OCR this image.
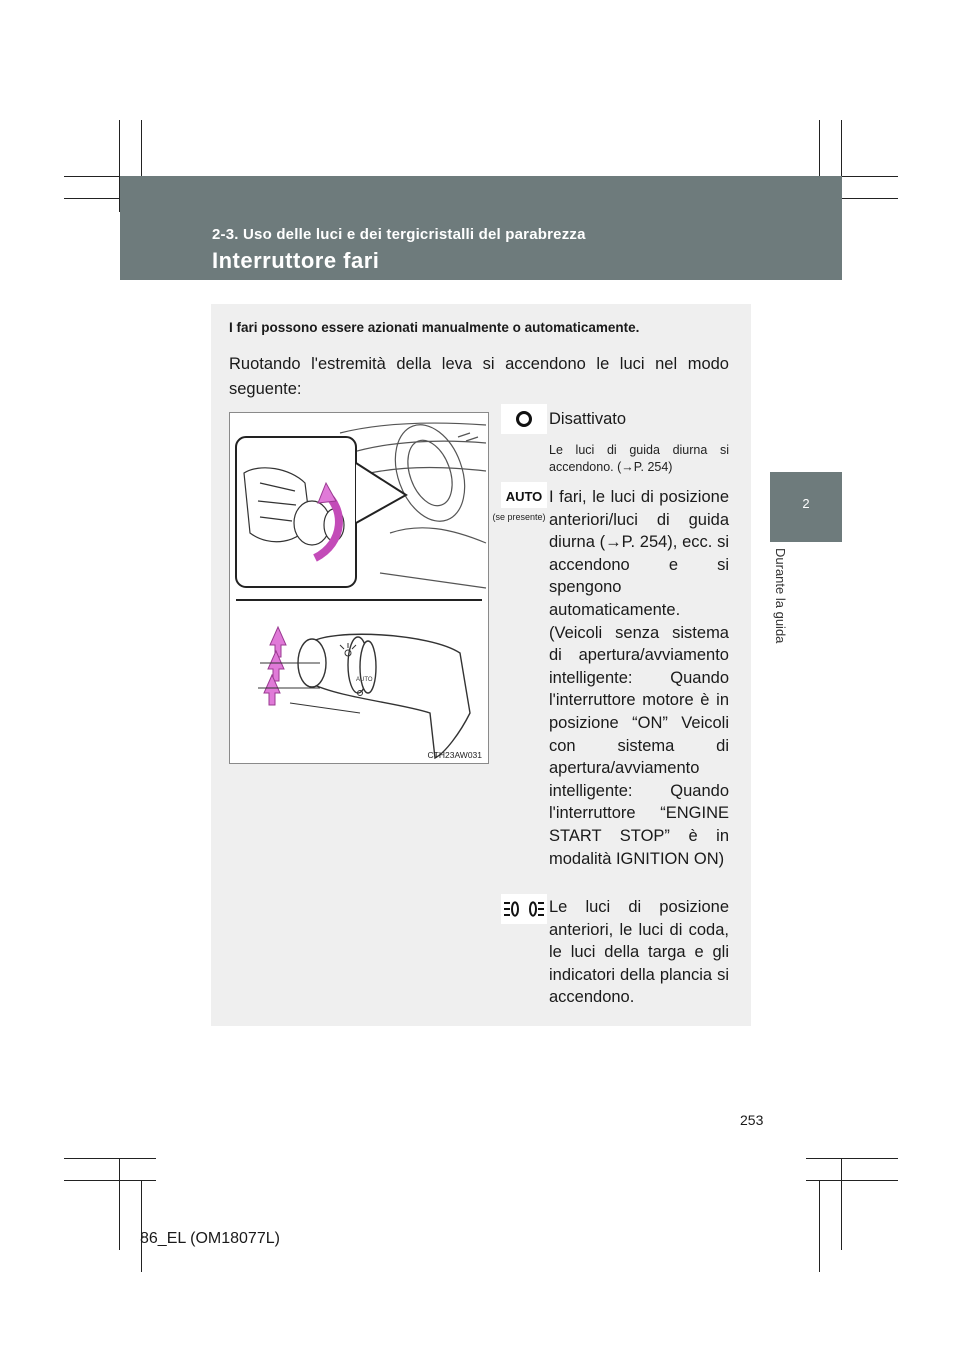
2-3. Uso delle luci e dei tergicristalli del parabrezza
Interruttore fari
2
Durante la guida
I fari possono essere azionati manualmente o automaticamente.
Ruotando l'estremità della leva si accendono le luci nel modo seguente:
AUTO
CTH23AW031
Disattivato
Le luci di guida diurna si accendono. (→P. 254)
AUTO
(se presente)
I fari, le luci di posizione anteriori/luci di guida diurna (→P. 254), ecc. si accendono e si spengono automaticamente. (Veicoli senza sistema di apertura/avviamento intelligente: Quando l'interruttore motore è in posizione “ON” Veicoli con sistema di apertura/avviamento intelligente: Quando l'interruttore “ENGINE START STOP” è in modalità IGNITION ON)
Le luci di posizione anteriori, le luci di coda, le luci della targa e gli indicatori della plancia si accendono.
253
86_EL (OM18077L)
